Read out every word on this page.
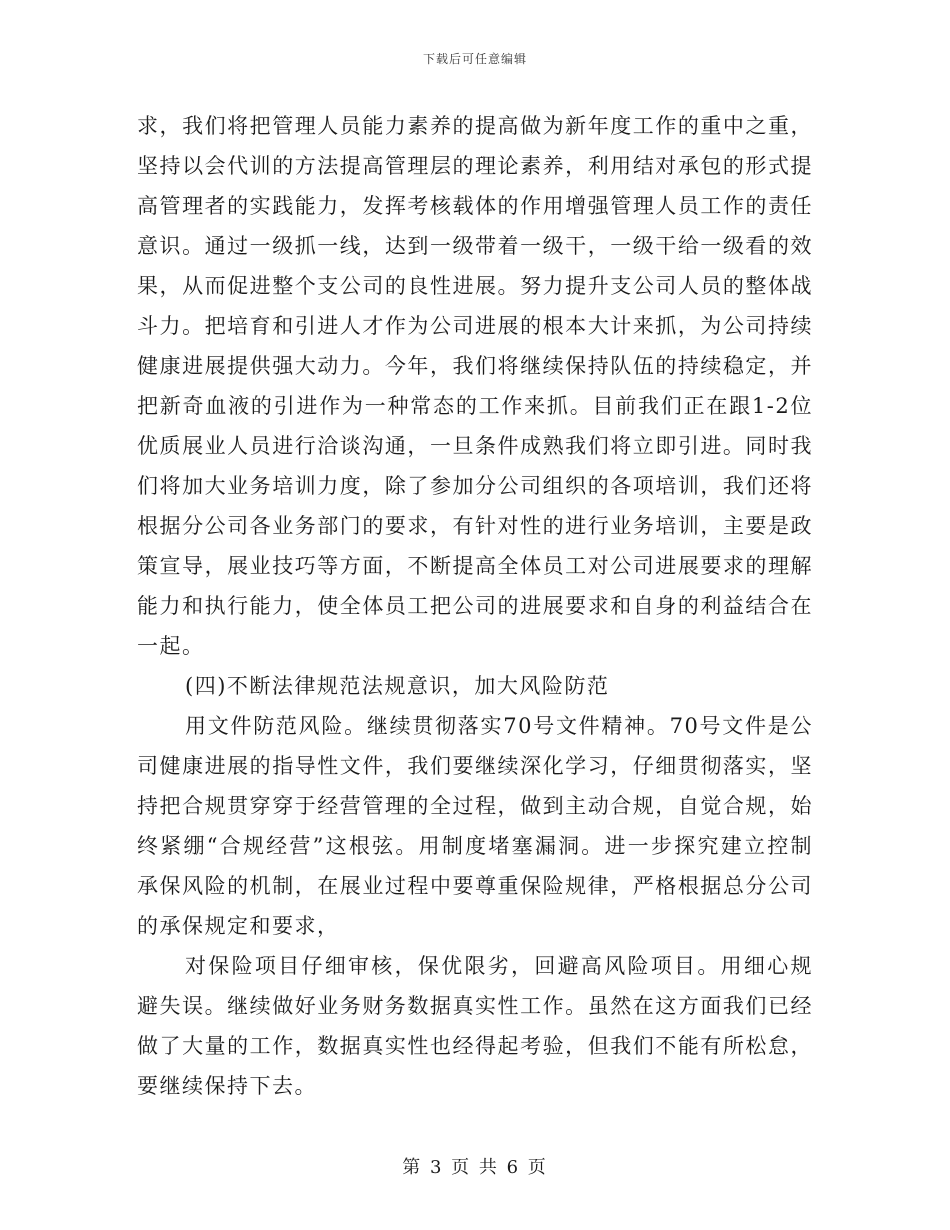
下载后可任意编辑

求，我们将把管理人员能力素养的提高做为新年度工作的重中之重，坚持以会代训的方法提高管理层的理论素养，利用结对承包的形式提高管理者的实践能力，发挥考核载体的作用增强管理人员工作的责任意识。通过一级抓一线，达到一级带着一级干，一级干给一级看的效果，从而促进整个支公司的良性进展。努力提升支公司人员的整体战斗力。把培育和引进人才作为公司进展的根本大计来抓，为公司持续健康进展提供强大动力。今年，我们将继续保持队伍的持续稳定，并把新奇血液的引进作为一种常态的工作来抓。目前我们正在跟1-2位优质展业人员进行洽谈沟通，一旦条件成熟我们将立即引进。同时我们将加大业务培训力度，除了参加分公司组织的各项培训，我们还将根据分公司各业务部门的要求，有针对性的进行业务培训，主要是政策宣导，展业技巧等方面，不断提高全体员工对公司进展要求的理解能力和执行能力，使全体员工把公司的进展要求和自身的利益结合在一起。

(四)不断法律规范法规意识，加大风险防范

用文件防范风险。继续贯彻落实70号文件精神。70号文件是公司健康进展的指导性文件，我们要继续深化学习，仔细贯彻落实，坚持把合规贯穿穿于经营管理的全过程，做到主动合规，自觉合规，始终紧绷“合规经营”这根弦。用制度堵塞漏洞。进一步探究建立控制承保风险的机制，在展业过程中要尊重保险规律，严格根据总分公司的承保规定和要求，

对保险项目仔细审核，保优限劣，回避高风险项目。用细心规避失误。继续做好业务财务数据真实性工作。虽然在这方面我们已经做了大量的工作，数据真实性也经得起考验，但我们不能有所松怠，要继续保持下去。

第 3 页 共 6 页
